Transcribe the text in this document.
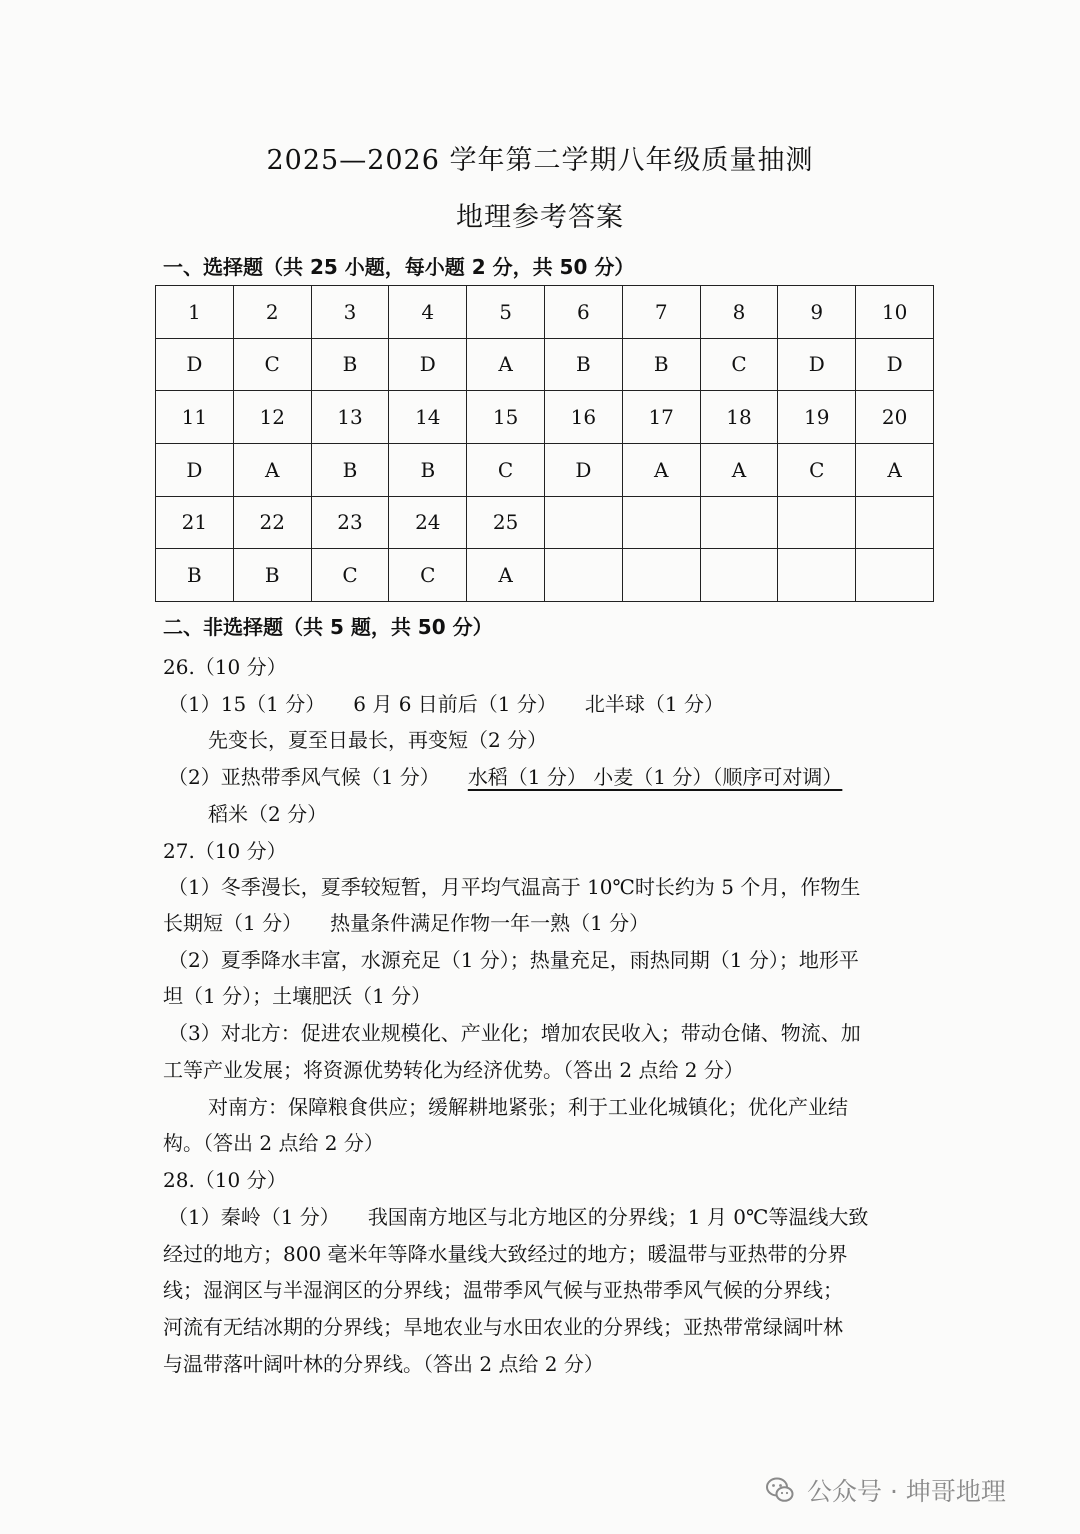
2025—2026 学年第二学期八年级质量抽测
地理参考答案
一、选择题（共 25 小题，每小题 2 分，共 50 分）
1	2	3	4	5	6	7	8	9	10
D	C	B	D	A	B	B	C	D	D
11	12	13	14	15	16	17	18	19	20
D	A	B	B	C	D	A	A	C	A
21	22	23	24	25					
B	B	C	C	A					
二、非选择题（共 5 题，共 50 分）
26.（10 分）
（1）15（1 分） 6 月 6 日前后（1 分） 北半球（1 分）
先变长，夏至日最长，再变短（2 分）
（2）亚热带季风气候（1 分） 水稻（1 分） 小麦（1 分）（顺序可对调）
稻米（2 分）
27.（10 分）
（1）冬季漫长，夏季较短暂，月平均气温高于 10℃时长约为 5 个月，作物生
长期短（1 分） 热量条件满足作物一年一熟（1 分）
（2）夏季降水丰富，水源充足（1 分）；热量充足，雨热同期（1 分）；地形平
坦（1 分）；土壤肥沃（1 分）
（3）对北方：促进农业规模化、产业化；增加农民收入；带动仓储、物流、加
工等产业发展；将资源优势转化为经济优势。（答出 2 点给 2 分）
对南方：保障粮食供应；缓解耕地紧张；利于工业化城镇化；优化产业结
构。（答出 2 点给 2 分）
28.（10 分）
（1）秦岭（1 分） 我国南方地区与北方地区的分界线；1 月 0℃等温线大致
经过的地方；800 毫米年等降水量线大致经过的地方；暖温带与亚热带的分界
线；湿润区与半湿润区的分界线；温带季风气候与亚热带季风气候的分界线；
河流有无结冰期的分界线；旱地农业与水田农业的分界线；亚热带常绿阔叶林
与温带落叶阔叶林的分界线。（答出 2 点给 2 分）
公众号 · 坤哥地理
